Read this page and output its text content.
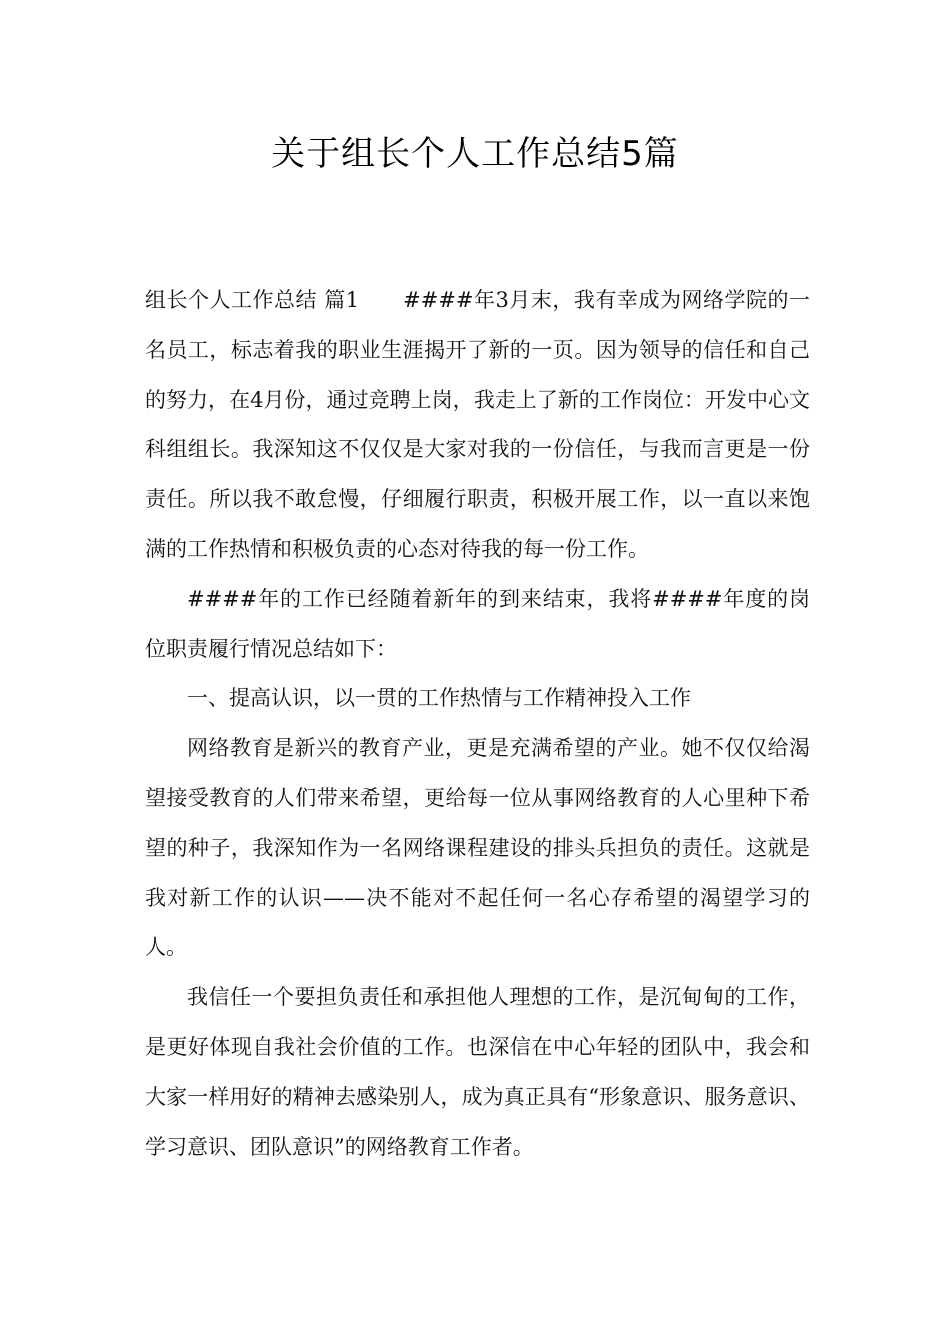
关于组长个人工作总结5篇

组长个人工作总结 篇1 ####年3月末，我有幸成为网络学院的一名员工，标志着我的职业生涯揭开了新的一页。因为领导的信任和自己的努力，在4月份，通过竞聘上岗，我走上了新的工作岗位：开发中心文科组组长。我深知这不仅仅是大家对我的一份信任，与我而言更是一份责任。所以我不敢怠慢，仔细履行职责，积极开展工作，以一直以来饱满的工作热情和积极负责的心态对待我的每一份工作。

####年的工作已经随着新年的到来结束，我将####年度的岗位职责履行情况总结如下：

一、提高认识，以一贯的工作热情与工作精神投入工作

网络教育是新兴的教育产业，更是充满希望的产业。她不仅仅给渴望接受教育的人们带来希望，更给每一位从事网络教育的人心里种下希望的种子，我深知作为一名网络课程建设的排头兵担负的责任。这就是我对新工作的认识——决不能对不起任何一名心存希望的渴望学习的人。

我信任一个要担负责任和承担他人理想的工作，是沉甸甸的工作，是更好体现自我社会价值的工作。也深信在中心年轻的团队中，我会和大家一样用好的精神去感染别人，成为真正具有“形象意识、服务意识、学习意识、团队意识”的网络教育工作者。
